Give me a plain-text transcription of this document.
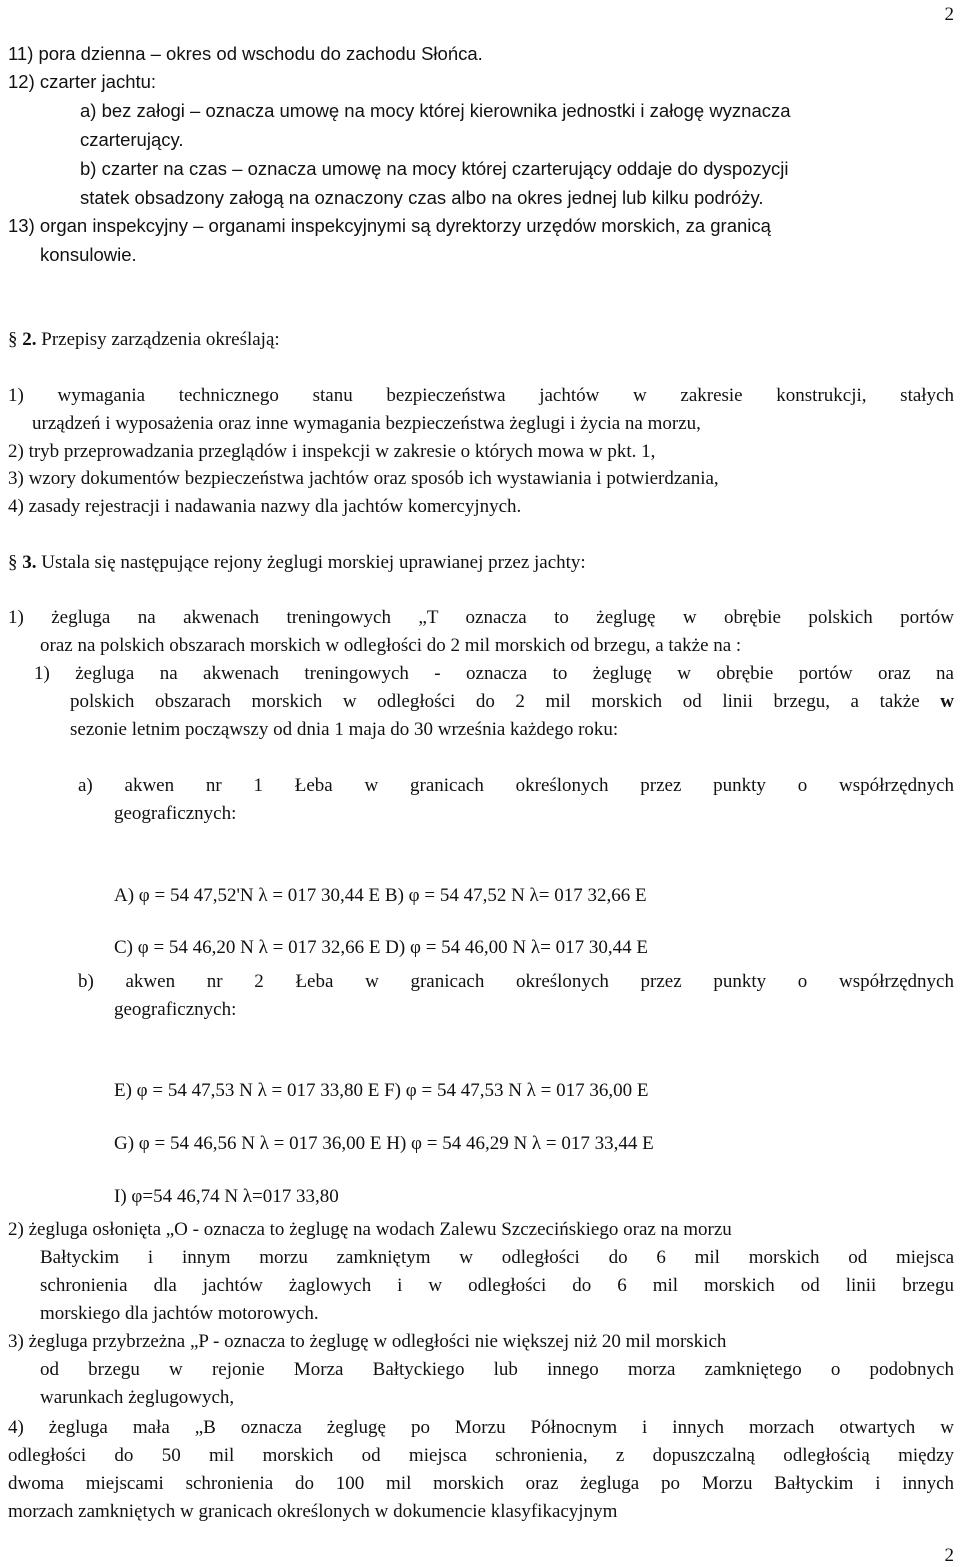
2
11) pora dzienna – okres od wschodu do zachodu Słońca.
12) czarter jachtu:
a) bez załogi – oznacza umowę na mocy której kierownika jednostki i załogę wyznacza
czarterujący.
b) czarter na czas – oznacza umowę na mocy której czarterujący oddaje do dyspozycji
statek obsadzony załogą na oznaczony czas albo na okres jednej lub kilku podróży.
13) organ inspekcyjny – organami inspekcyjnymi są dyrektorzy urzędów morskich, za granicą
konsulowie.
§ 2. Przepisy zarządzenia określają:
1) wymagania technicznego stanu bezpieczeństwa jachtów w zakresie konstrukcji, stałych
urządzeń i wyposażenia oraz inne wymagania bezpieczeństwa żeglugi i życia na morzu,
2) tryb przeprowadzania przeglądów i inspekcji w zakresie o których mowa w pkt. 1,
3) wzory dokumentów bezpieczeństwa jachtów oraz sposób ich wystawiania i potwierdzania,
4) zasady rejestracji i nadawania nazwy dla jachtów komercyjnych.
§ 3. Ustala się następujące rejony żeglugi morskiej uprawianej przez jachty:
1) żegluga na akwenach treningowych „T oznacza to żeglugę w obrębie polskich portów
oraz na polskich obszarach morskich w odległości do 2 mil morskich od brzegu, a także na :
1) żegluga na akwenach treningowych - oznacza to żeglugę w obrębie portów oraz na
polskich obszarach morskich w odległości do 2 mil morskich od linii brzegu, a także w
sezonie letnim począwszy od dnia 1 maja do 30 września każdego roku:
a) akwen nr 1 Łeba w granicach określonych przez punkty o współrzędnych
geograficznych:
A) φ = 54 47,52'N λ = 017 30,44 E B) φ = 54 47,52 N λ= 017 32,66 E
C) φ = 54 46,20 N λ = 017 32,66 E D) φ = 54 46,00 N λ= 017 30,44 E
b) akwen nr 2 Łeba w granicach określonych przez punkty o współrzędnych
geograficznych:
E) φ = 54 47,53 N λ = 017 33,80 E F) φ = 54 47,53 N λ = 017 36,00 E
G) φ = 54 46,56 N λ = 017 36,00 E H) φ = 54 46,29 N λ = 017 33,44 E
I) φ=54 46,74 N λ=017 33,80
2) żegluga osłonięta „O - oznacza to żeglugę na wodach Zalewu Szczecińskiego oraz na morzu
Bałtyckim i innym morzu zamkniętym w odległości do 6 mil morskich od miejsca
schronienia dla jachtów żaglowych i w odległości do 6 mil morskich od linii brzegu
morskiego dla jachtów motorowych.
3) żegluga przybrzeżna „P - oznacza to żeglugę w odległości nie większej niż 20 mil morskich
od brzegu w rejonie Morza Bałtyckiego lub innego morza zamkniętego o podobnych
warunkach żeglugowych,
4) żegluga mała „B oznacza żeglugę po Morzu Północnym i innych morzach otwartych w
odległości do 50 mil morskich od miejsca schronienia, z dopuszczalną odległością między
dwoma miejscami schronienia do 100 mil morskich oraz żegluga po Morzu Bałtyckim i innych
morzach zamkniętych w granicach określonych w dokumencie klasyfikacyjnym
2
